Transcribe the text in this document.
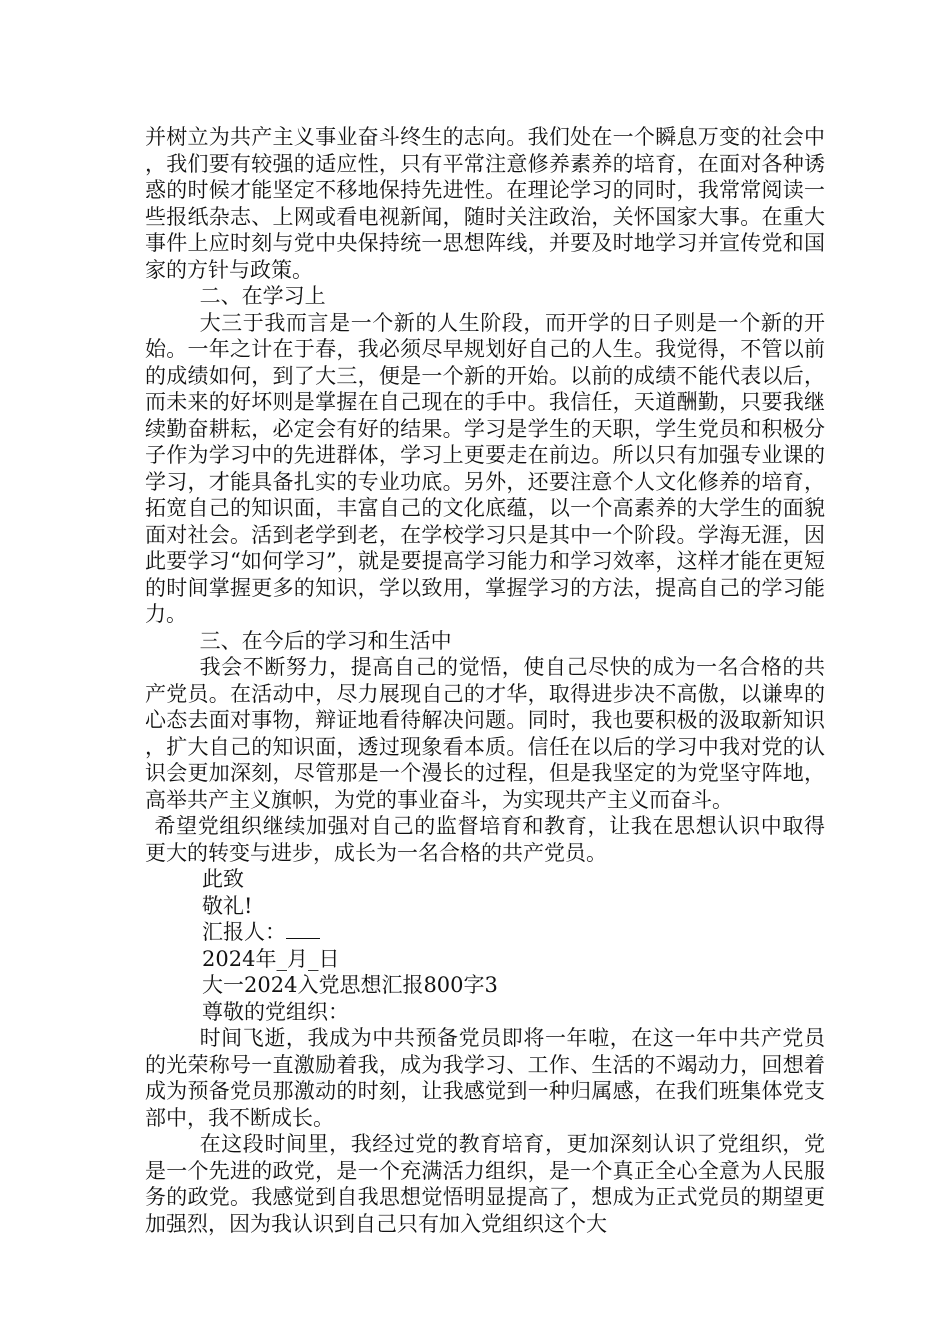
并树立为共产主义事业奋斗终生的志向。我们处在一个瞬息万变的社会中，我们要有较强的适应性，只有平常注意修养素养的培育，在面对各种诱惑的时候才能坚定不移地保持先进性。在理论学习的同时，我常常阅读一些报纸杂志、上网或看电视新闻，随时关注政治，关怀国家大事。在重大事件上应时刻与党中央保持统一思想阵线，并要及时地学习并宣传党和国家的方针与政策。

二、在学习上

大三于我而言是一个新的人生阶段，而开学的日子则是一个新的开始。一年之计在于春，我必须尽早规划好自己的人生。我觉得，不管以前的成绩如何，到了大三，便是一个新的开始。以前的成绩不能代表以后，而未来的好坏则是掌握在自己现在的手中。我信任，天道酬勤，只要我继续勤奋耕耘，必定会有好的结果。学习是学生的天职，学生党员和积极分子作为学习中的先进群体，学习上更要走在前边。所以只有加强专业课的学习，才能具备扎实的专业功底。另外，还要注意个人文化修养的培育，拓宽自己的知识面，丰富自己的文化底蕴，以一个高素养的大学生的面貌面对社会。活到老学到老，在学校学习只是其中一个阶段。学海无涯，因此要学习“如何学习”，就是要提高学习能力和学习效率，这样才能在更短的时间掌握更多的知识，学以致用，掌握学习的方法，提高自己的学习能力。

三、在今后的学习和生活中

我会不断努力，提高自己的觉悟，使自己尽快的成为一名合格的共产党员。在活动中，尽力展现自己的才华，取得进步决不高傲，以谦卑的心态去面对事物，辩证地看待解决问题。同时，我也要积极的汲取新知识，扩大自己的知识面，透过现象看本质。信任在以后的学习中我对党的认识会更加深刻，尽管那是一个漫长的过程，但是我坚定的为党坚守阵地，高举共产主义旗帜，为党的事业奋斗，为实现共产主义而奋斗。

希望党组织继续加强对自己的监督培育和教育，让我在思想认识中取得更大的转变与进步，成长为一名合格的共产党员。

此致

敬礼!

汇报人：

2024年_月_日

大一2024入党思想汇报800字3

尊敬的党组织：

时间飞逝，我成为中共预备党员即将一年啦，在这一年中共产党员的光荣称号一直激励着我，成为我学习、工作、生活的不竭动力，回想着成为预备党员那激动的时刻，让我感觉到一种归属感，在我们班集体党支部中，我不断成长。

在这段时间里，我经过党的教育培育，更加深刻认识了党组织，党是一个先进的政党，是一个充满活力组织，是一个真正全心全意为人民服务的政党。我感觉到自我思想觉悟明显提高了，想成为正式党员的期望更加强烈，因为我认识到自己只有加入党组织这个大
